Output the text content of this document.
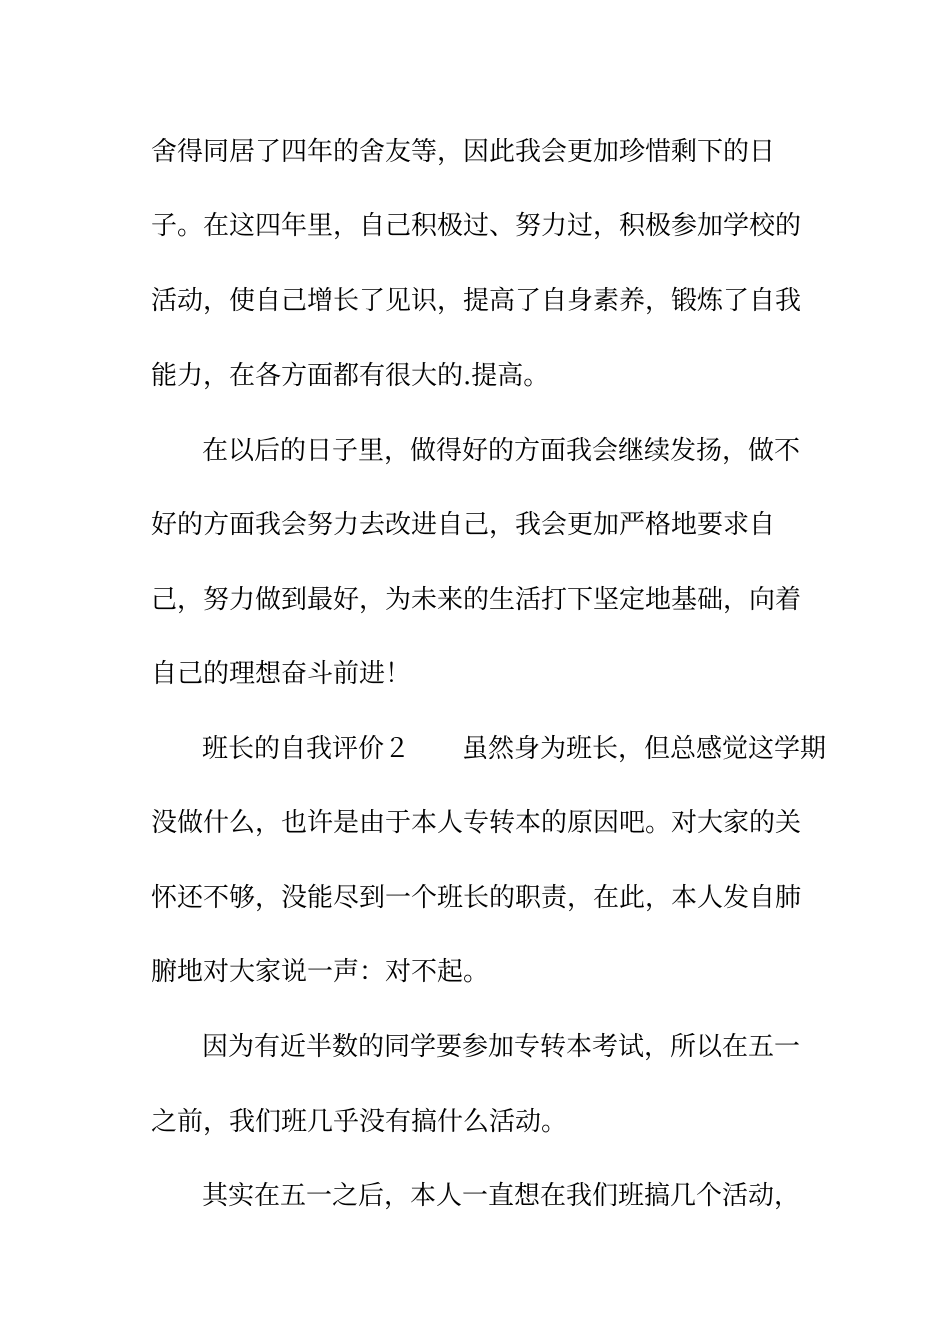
舍得同居了四年的舍友等，因此我会更加珍惜剩下的日

子。在这四年里，自己积极过、努力过，积极参加学校的

活动，使自己增长了见识，提高了自身素养，锻炼了自我

能力，在各方面都有很大的.提高。

在以后的日子里，做得好的方面我会继续发扬，做不

好的方面我会努力去改进自己，我会更加严格地要求自

己，努力做到最好，为未来的生活打下坚定地基础，向着

自己的理想奋斗前进！

班长的自我评价２　　虽然身为班长，但总感觉这学期

没做什么，也许是由于本人专转本的原因吧。对大家的关

怀还不够，没能尽到一个班长的职责，在此，本人发自肺

腑地对大家说一声：对不起。

因为有近半数的同学要参加专转本考试，所以在五一

之前，我们班几乎没有搞什么活动。

其实在五一之后，本人一直想在我们班搞几个活动，
